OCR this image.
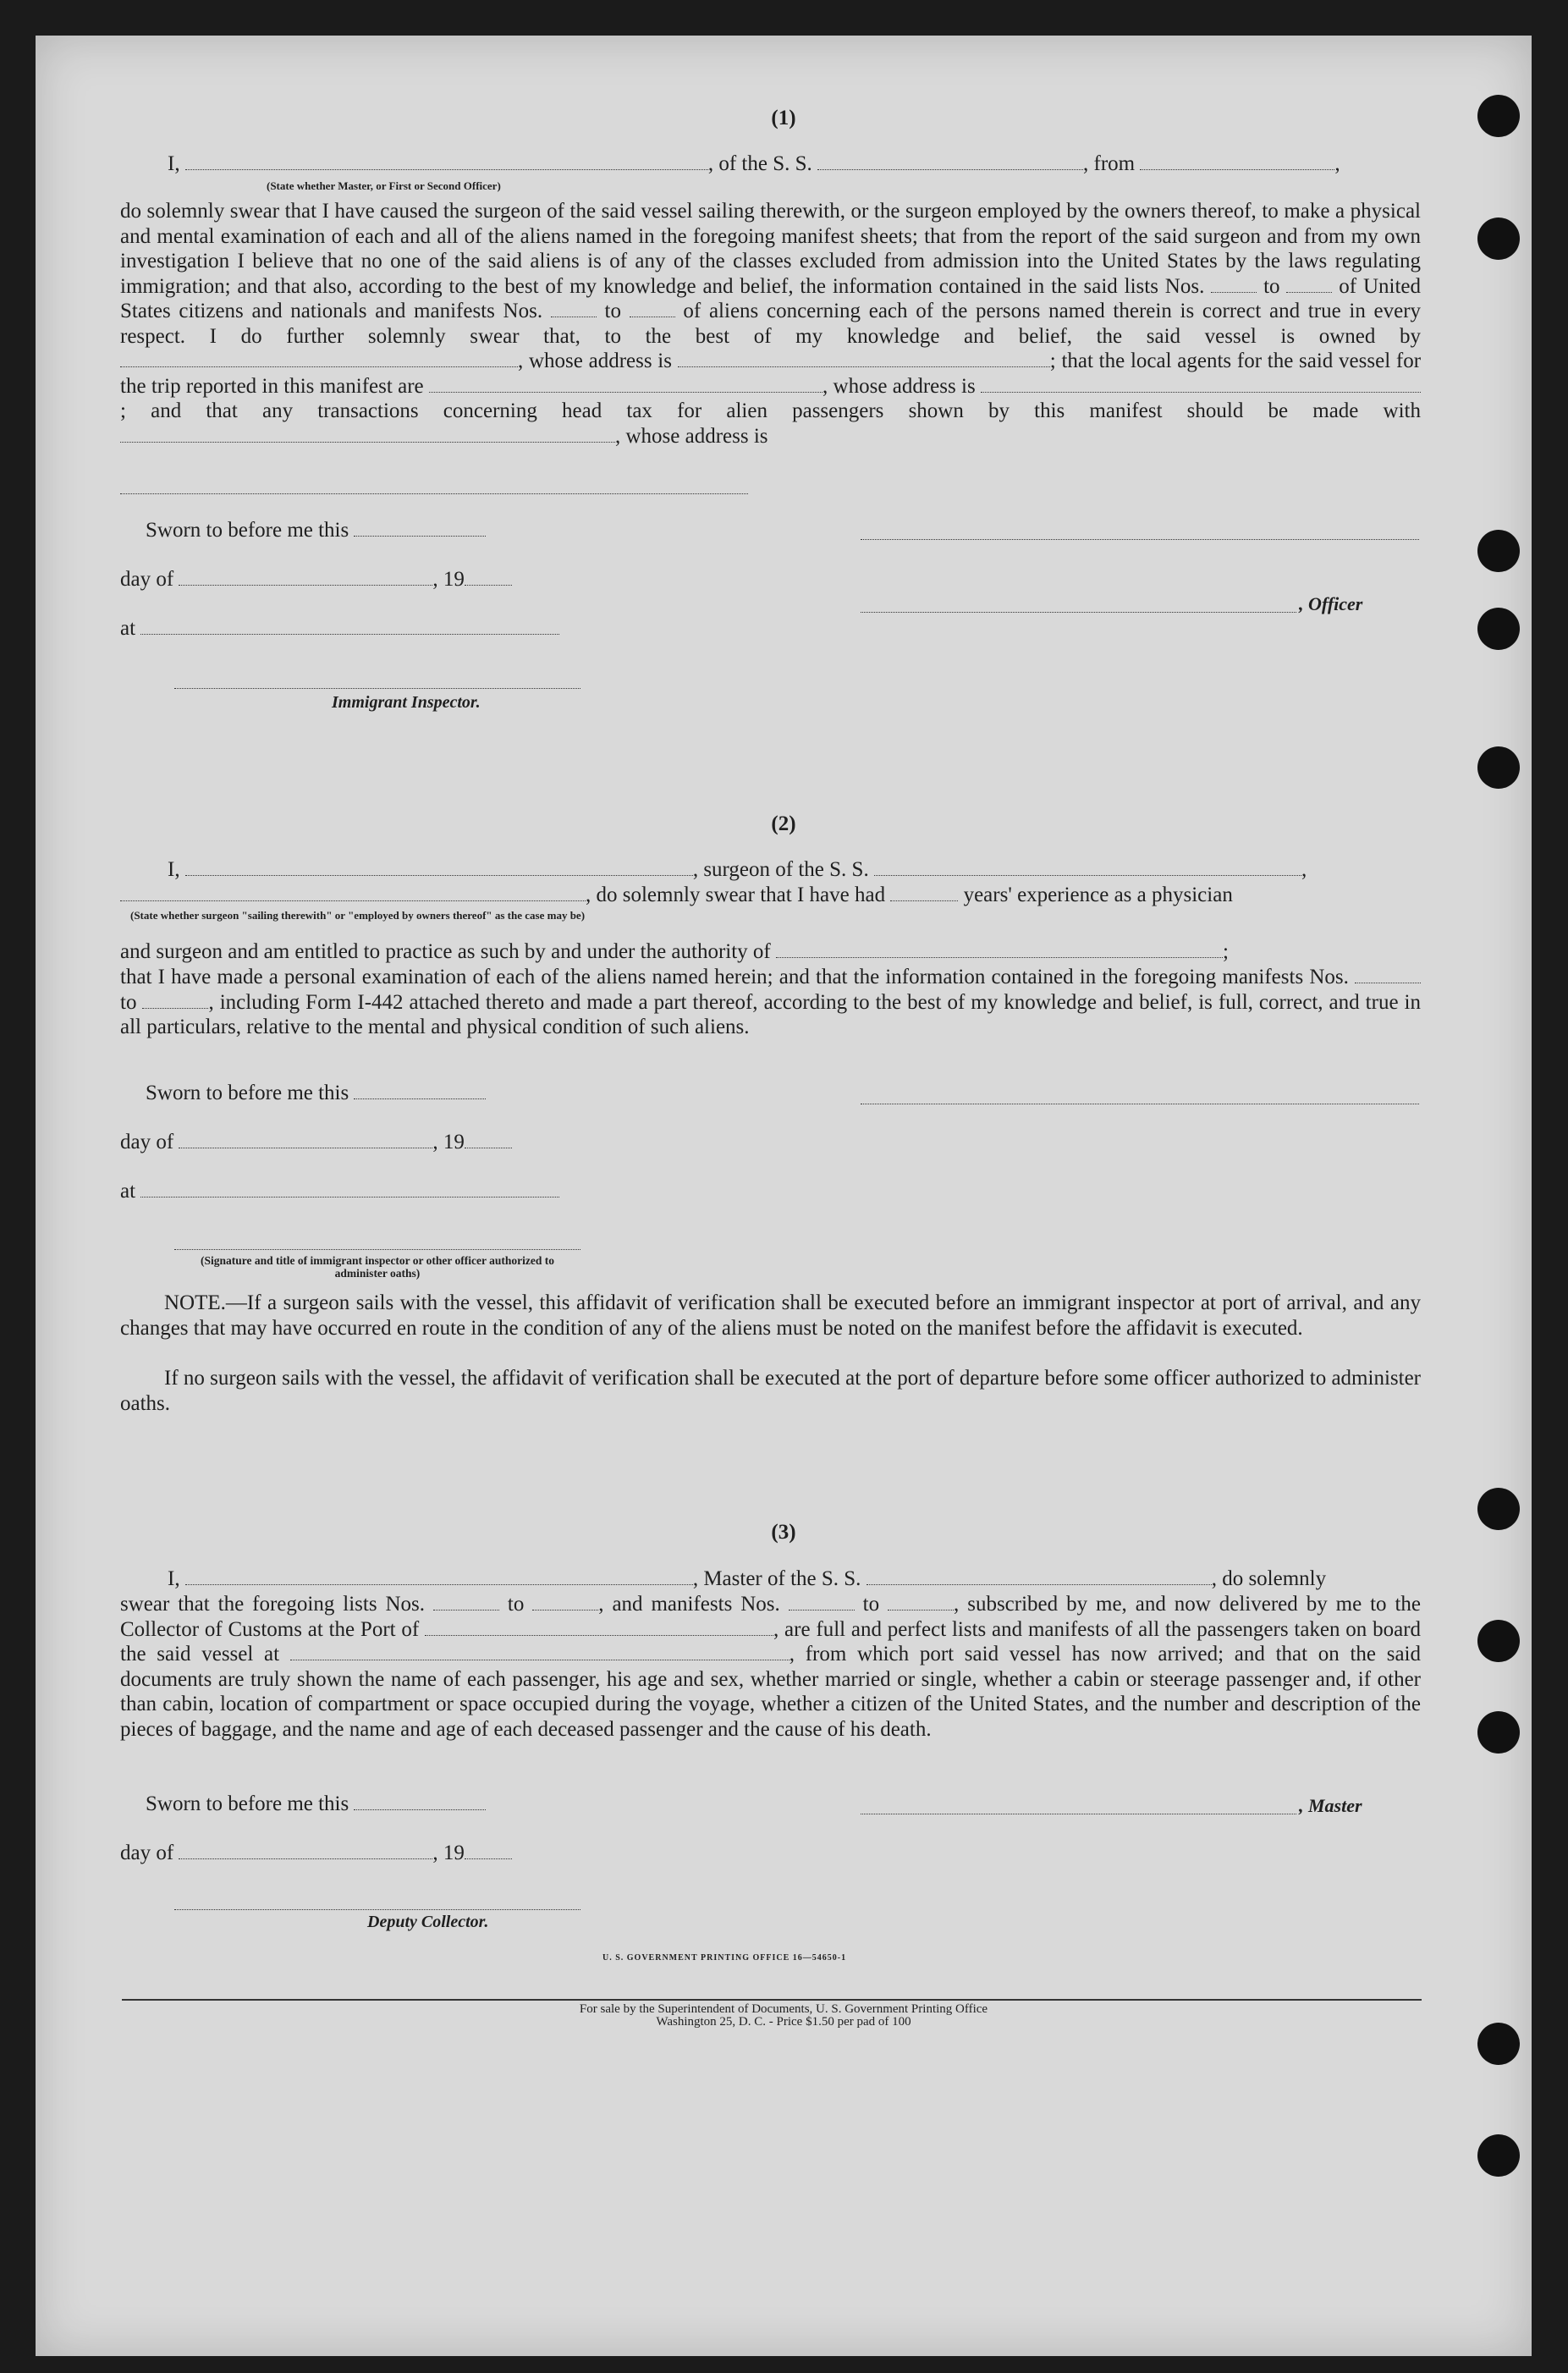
(1)
I,	, of the S. S.	, from	,
(State whether Master, or First or Second Officer)

do solemnly swear that I have caused the surgeon of the said vessel sailing therewith, or the surgeon employed by the owners thereof, to make a physical and mental examination of each and all of the aliens named in the foregoing manifest sheets; that from the report of the said surgeon and from my own investigation I believe that no one of the said aliens is of any of the classes excluded from admission into the United States by the laws regulating immigration; and that also, according to the best of my knowledge and belief, the information contained in the said lists Nos.	to	of United States citizens and nationals and manifests Nos.	to	of aliens concerning each of the persons named therein is correct and true in every respect. I do further solemnly swear that, to the best of my knowledge and belief, the said vessel is owned by , whose address is	; that the local agents for the said vessel for the trip reported in this manifest are	, whose address is ; and that any transactions concerning head tax for alien passengers shown by this manifest should be made with , whose address is

Sworn to before me this
day of	, 19
at
, Officer
Immigrant Inspector.
(2)
I,	, surgeon of the S. S.	,
, do solemnly swear that I have had	years' experience as a physician
(State whether surgeon "sailing therewith" or "employed by owners thereof" as the case may be)
and surgeon and am entitled to practice as such by and under the authority of	;

that I have made a personal examination of each of the aliens named herein; and that the information contained in the foregoing manifests Nos.  to	, including Form I-442 attached thereto and made a part thereof, according to the best of my knowledge and belief, is full, correct, and true in all particulars, relative to the mental and physical condition of such aliens.

Sworn to before me this
day of	, 19
at
(Signature and title of immigrant inspector or other officer authorized to administer oaths)

NOTE.—If a surgeon sails with the vessel, this affidavit of verification shall be executed before an immigrant inspector at port of arrival, and any changes that may have occurred en route in the condition of any of the aliens must be noted on the manifest before the affidavit is executed.

If no surgeon sails with the vessel, the affidavit of verification shall be executed at the port of departure before some officer authorized to administer oaths.

(3)
I,	, Master of the S. S.	, do solemnly

swear that the foregoing lists Nos.	to	, and manifests Nos.	to	, subscribed by me, and now delivered by me to the Collector of Customs at the Port of	, are full and perfect lists and manifests of all the passengers taken on board the said vessel at	, from which port said vessel has now arrived; and that on the said documents are truly shown the name of each passenger, his age and sex, whether married or single, whether a cabin or steerage passenger and, if other than cabin, location of compartment or space occupied during the voyage, whether a citizen of the United States, and the number and description of the pieces of baggage, and the name and age of each deceased passenger and the cause of his death.

Sworn to before me this	, Master
day of	, 19
Deputy Collector.
U. S. GOVERNMENT PRINTING OFFICE 16—54650-1
For sale by the Superintendent of Documents, U. S. Government Printing Office
Washington 25, D. C. - Price $1.50 per pad of 100
